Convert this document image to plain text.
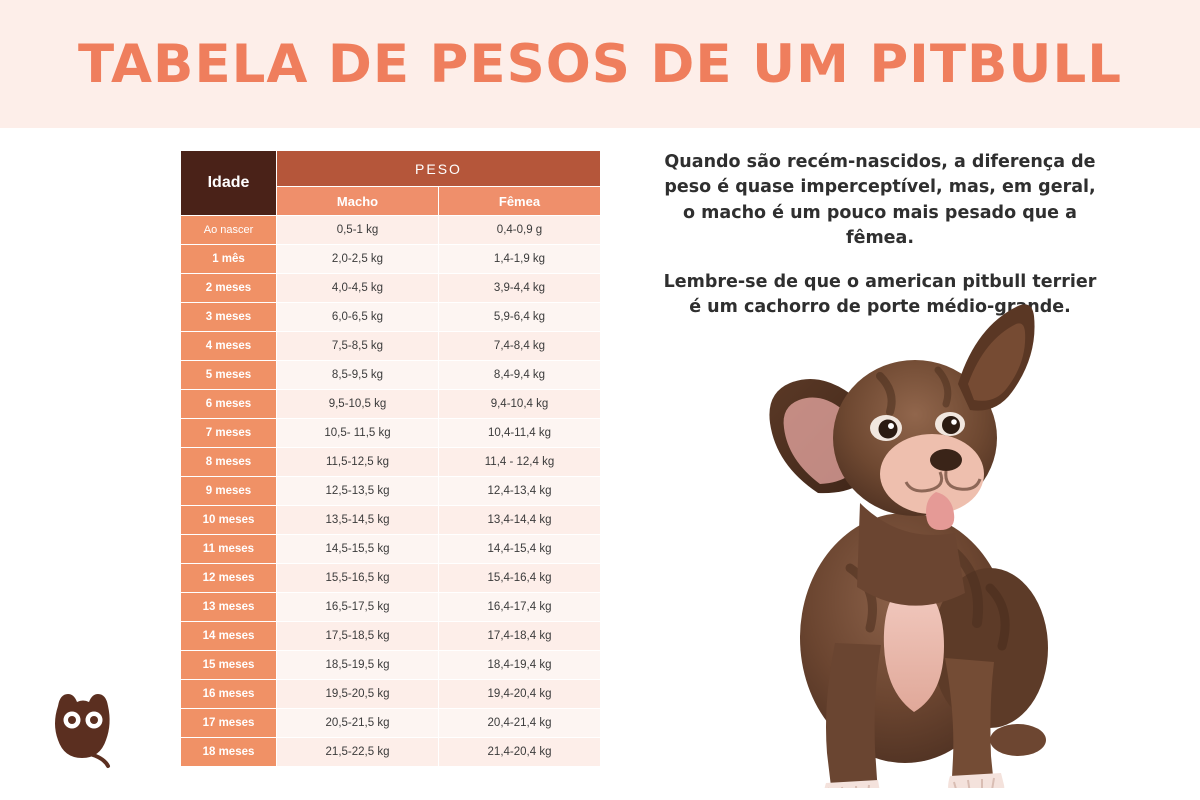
TABELA DE PESOS DE UM PITBULL
Idade	PESO	
	Macho	Fêmea
Ao nascer	0,5-1 kg	0,4-0,9 g
1 mês	2,0-2,5 kg	1,4-1,9 kg
2 meses	4,0-4,5 kg	3,9-4,4 kg
3 meses	6,0-6,5 kg	5,9-6,4 kg
4 meses	7,5-8,5 kg	7,4-8,4 kg
5 meses	8,5-9,5 kg	8,4-9,4 kg
6 meses	9,5-10,5 kg	9,4-10,4 kg
7 meses	10,5- 11,5 kg	10,4-11,4 kg
8 meses	11,5-12,5 kg	11,4 - 12,4 kg
9 meses	12,5-13,5 kg	12,4-13,4 kg
10 meses	13,5-14,5 kg	13,4-14,4 kg
11 meses	14,5-15,5 kg	14,4-15,4 kg
12 meses	15,5-16,5 kg	15,4-16,4 kg
13 meses	16,5-17,5 kg	16,4-17,4 kg
14 meses	17,5-18,5 kg	17,4-18,4 kg
15 meses	18,5-19,5 kg	18,4-19,4 kg
16 meses	19,5-20,5 kg	19,4-20,4 kg
17 meses	20,5-21,5 kg	20,4-21,4 kg
18 meses	21,5-22,5 kg	21,4-20,4 kg

Quando são recém-nascidos, a diferença de peso é quase imperceptível, mas, em geral, o macho é um pouco mais pesado que a fêmea.

Lembre-se de que o american pitbull terrier é um cachorro de porte médio-grande.
